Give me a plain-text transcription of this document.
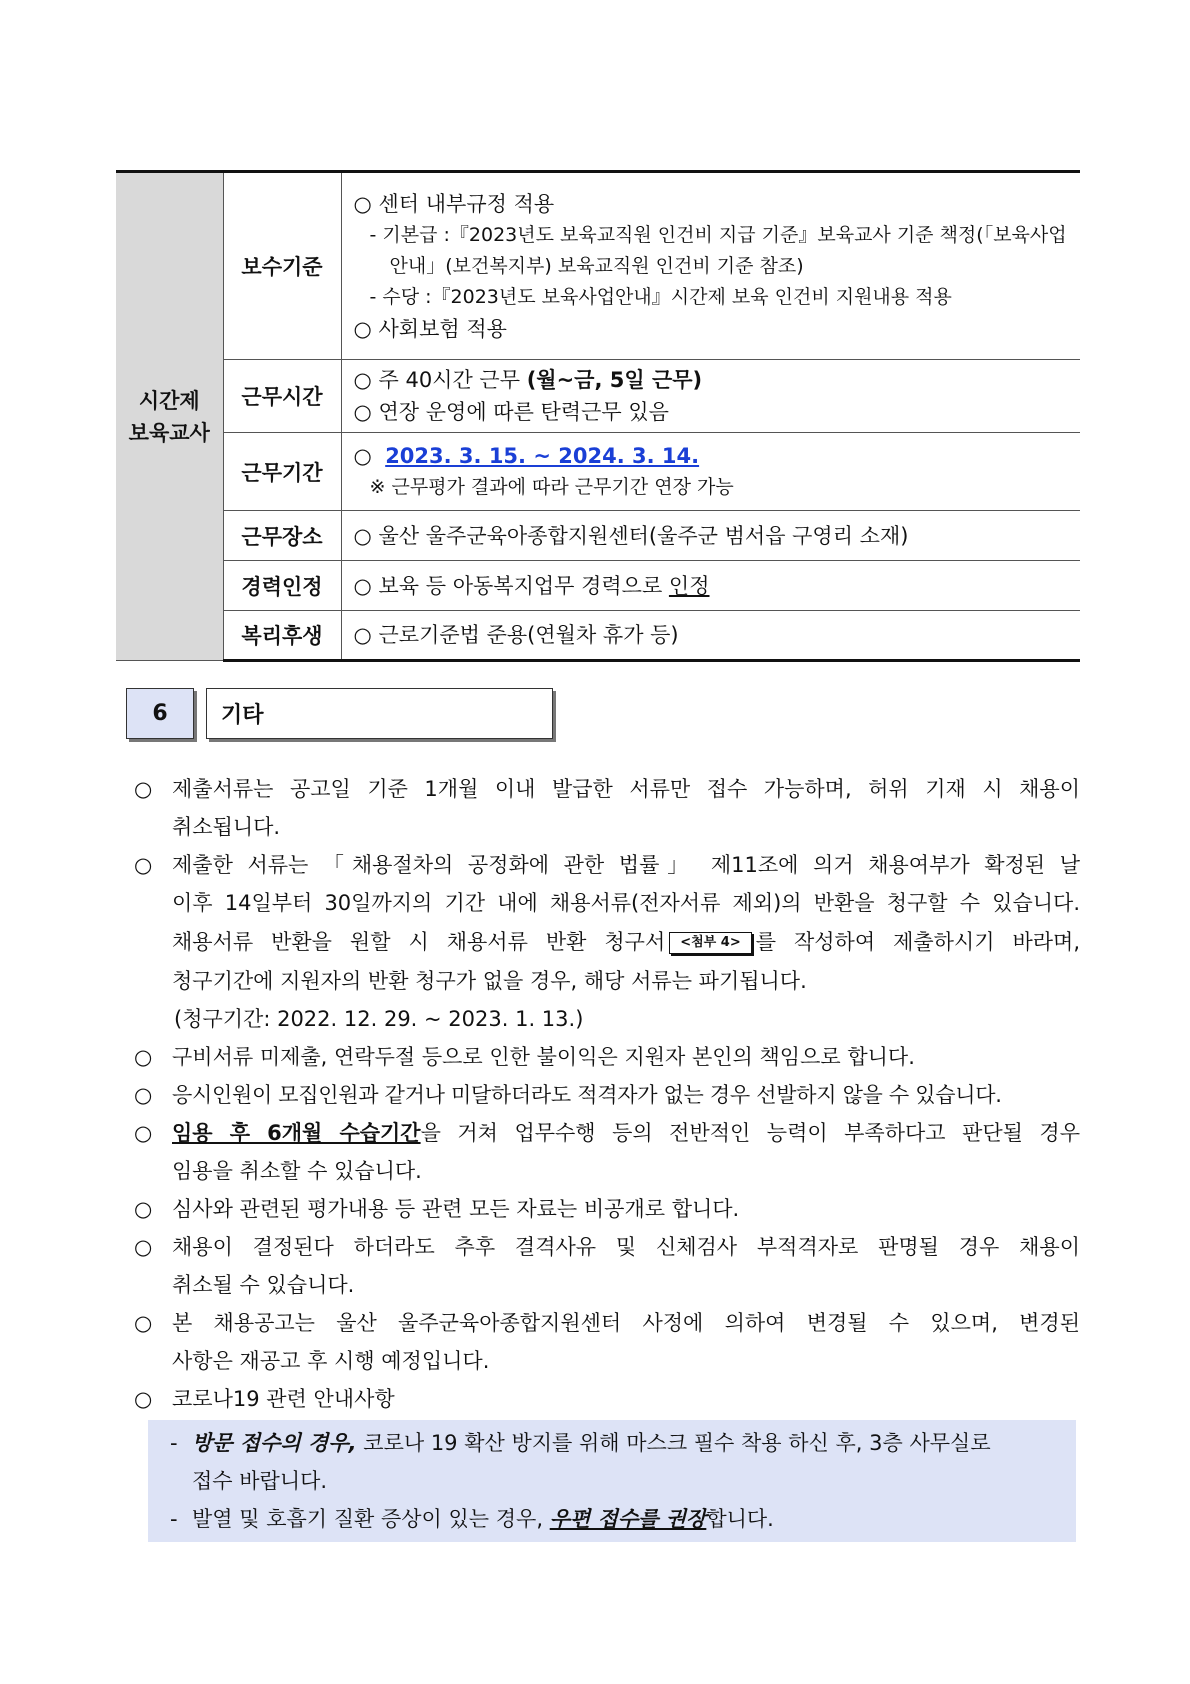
시간제
보육교사	보수기준	○ 센터 내부규정 적용
- 기본급 :『2023년도 보육교직원 인건비 지급 기준』보육교사 기준 책정(「보육사업
안내」(보건복지부) 보육교직원 인건비 기준 참조)
- 수당 :『2023년도 보육사업안내』시간제 보육 인건비 지원내용 적용
○ 사회보험 적용

	근무시간	○ 주 40시간 근무 (월~금, 5일 근무)
○ 연장 운영에 따른 탄력근무 있음

	근무기간	○ 2023. 3. 15. ~ 2024. 3. 14.
※ 근무평가 결과에 따라 근무기간 연장 가능

	근무장소	○ 울산 울주군육아종합지원센터(울주군 범서읍 구영리 소재)

	경력인정	○ 보육 등 아동복지업무 경력으로 인정

	복리후생	○ 근로기준법 준용(연월차 휴가 등)
6	기타
○ 제출서류는 공고일 기준 1개월 이내 발급한 서류만 접수 가능하며, 허위 기재 시 채용이
취소됩니다.
○ 제출한 서류는 「채용절차의 공정화에 관한 법률」 제11조에 의거 채용여부가 확정된 날
이후 14일부터 30일까지의 기간 내에 채용서류(전자서류 제외)의 반환을 청구할 수 있습니다.
채용서류 반환을 원할 시 채용서류 반환 청구서 <첨부 4> 를 작성하여 제출하시기 바라며,
청구기간에 지원자의 반환 청구가 없을 경우, 해당 서류는 파기됩니다.
(청구기간: 2022. 12. 29. ~ 2023. 1. 13.)
○ 구비서류 미제출, 연락두절 등으로 인한 불이익은 지원자 본인의 책임으로 합니다.
○ 응시인원이 모집인원과 같거나 미달하더라도 적격자가 없는 경우 선발하지 않을 수 있습니다.
○ 임용 후 6개월 수습기간을 거쳐 업무수행 등의 전반적인 능력이 부족하다고 판단될 경우
임용을 취소할 수 있습니다.
○ 심사와 관련된 평가내용 등 관련 모든 자료는 비공개로 합니다.
○ 채용이 결정된다 하더라도 추후 결격사유 및 신체검사 부적격자로 판명될 경우 채용이
취소될 수 있습니다.
○ 본 채용공고는 울산 울주군육아종합지원센터 사정에 의하여 변경될 수 있으며, 변경된
사항은 재공고 후 시행 예정입니다.
○ 코로나19 관련 안내사항
- 방문 접수의 경우, 코로나 19 확산 방지를 위해 마스크 필수 착용 하신 후, 3층 사무실로
접수 바랍니다.
- 발열 및 호흡기 질환 증상이 있는 경우, 우편 접수를 권장합니다.
